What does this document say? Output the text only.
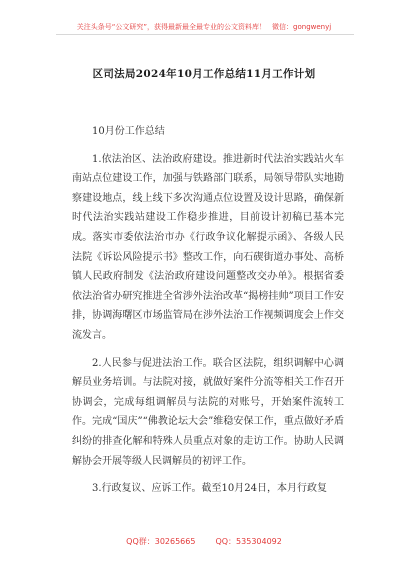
关注头条号“公文研究”，获得最新最全最专业的公文资料库！ 微信：gongwenyj
区司法局2024年10月工作总结11月工作计划

10月份工作总结

1.依法治区、法治政府建设。推进新时代法治实践站火车南站点位建设工作，加强与铁路部门联系，局领导带队实地勘察建设地点，线上线下多次沟通点位设置及设计思路，确保新时代法治实践站建设工作稳步推进，目前设计初稿已基本完成。落实市委依法治市办《行政争议化解提示函》、各级人民法院《诉讼风险提示书》整改工作，向石碶街道办事处、高桥镇人民政府制发《法治政府建设问题整改交办单》。根据省委依法治省办研究推进全省涉外法治改革“揭榜挂帅”项目工作安排，协调海曙区市场监管局在涉外法治工作视频调度会上作交流发言。

2.人民参与促进法治工作。联合区法院，组织调解中心调解员业务培训。与法院对接，就做好案件分流等相关工作召开协调会，完成每组调解员与法院的对账号，开始案件流转工作。完成“国庆”“佛教论坛大会”维稳安保工作，重点做好矛盾纠纷的排查化解和特殊人员重点对象的走访工作。协助人民调解协会开展等级人民调解员的初评工作。

3.行政复议、应诉工作。截至10月24日，本月行政复

QQ群：30265665	QQ：535304092
